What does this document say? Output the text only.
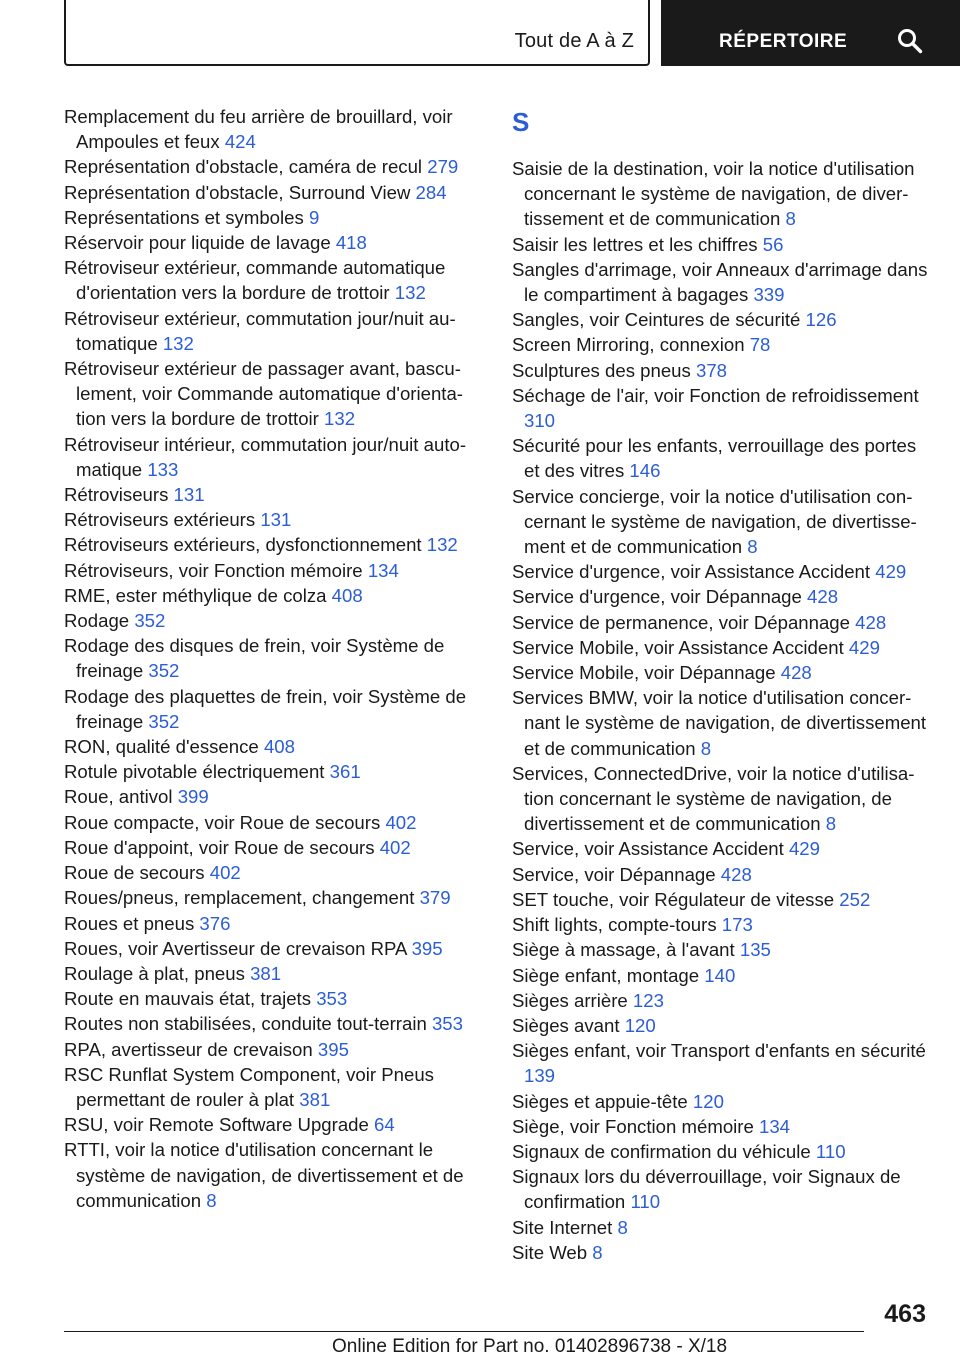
Tout de A à Z	RÉPERTOIRE
Remplacement du feu arrière de brouillard, voir Ampoules et feux 424
Représentation d'obstacle, caméra de recul 279
Représentation d'obstacle, Surround View 284
Représentations et symboles 9
Réservoir pour liquide de lavage 418
Rétroviseur extérieur, commande automatique d'orientation vers la bordure de trottoir 132
Rétroviseur extérieur, commutation jour/nuit automatique 132
Rétroviseur extérieur de passager avant, basculement, voir Commande automatique d'orientation vers la bordure de trottoir 132
Rétroviseur intérieur, commutation jour/nuit automatique 133
Rétroviseurs 131
Rétroviseurs extérieurs 131
Rétroviseurs extérieurs, dysfonctionnement 132
Rétroviseurs, voir Fonction mémoire 134
RME, ester méthylique de colza 408
Rodage 352
Rodage des disques de frein, voir Système de freinage 352
Rodage des plaquettes de frein, voir Système de freinage 352
RON, qualité d'essence 408
Rotule pivotable électriquement 361
Roue, antivol 399
Roue compacte, voir Roue de secours 402
Roue d'appoint, voir Roue de secours 402
Roue de secours 402
Roues/pneus, remplacement, changement 379
Roues et pneus 376
Roues, voir Avertisseur de crevaison RPA 395
Roulage à plat, pneus 381
Route en mauvais état, trajets 353
Routes non stabilisées, conduite tout-terrain 353
RPA, avertisseur de crevaison 395
RSC Runflat System Component, voir Pneus permettant de rouler à plat 381
RSU, voir Remote Software Upgrade 64
RTTI, voir la notice d'utilisation concernant le système de navigation, de divertissement et de communication 8
S
Saisie de la destination, voir la notice d'utilisation concernant le système de navigation, de divertissement et de communication 8
Saisir les lettres et les chiffres 56
Sangles d'arrimage, voir Anneaux d'arrimage dans le compartiment à bagages 339
Sangles, voir Ceintures de sécurité 126
Screen Mirroring, connexion 78
Sculptures des pneus 378
Séchage de l'air, voir Fonction de refroidissement 310
Sécurité pour les enfants, verrouillage des portes et des vitres 146
Service concierge, voir la notice d'utilisation concernant le système de navigation, de divertissement et de communication 8
Service d'urgence, voir Assistance Accident 429
Service d'urgence, voir Dépannage 428
Service de permanence, voir Dépannage 428
Service Mobile, voir Assistance Accident 429
Service Mobile, voir Dépannage 428
Services BMW, voir la notice d'utilisation concernant le système de navigation, de divertissement et de communication 8
Services, ConnectedDrive, voir la notice d'utilisation concernant le système de navigation, de divertissement et de communication 8
Service, voir Assistance Accident 429
Service, voir Dépannage 428
SET touche, voir Régulateur de vitesse 252
Shift lights, compte-tours 173
Siège à massage, à l'avant 135
Siège enfant, montage 140
Sièges arrière 123
Sièges avant 120
Sièges enfant, voir Transport d'enfants en sécurité 139
Sièges et appuie-tête 120
Siège, voir Fonction mémoire 134
Signaux de confirmation du véhicule 110
Signaux lors du déverrouillage, voir Signaux de confirmation 110
Site Internet 8
Site Web 8
463
Online Edition for Part no. 01402896738 - X/18
